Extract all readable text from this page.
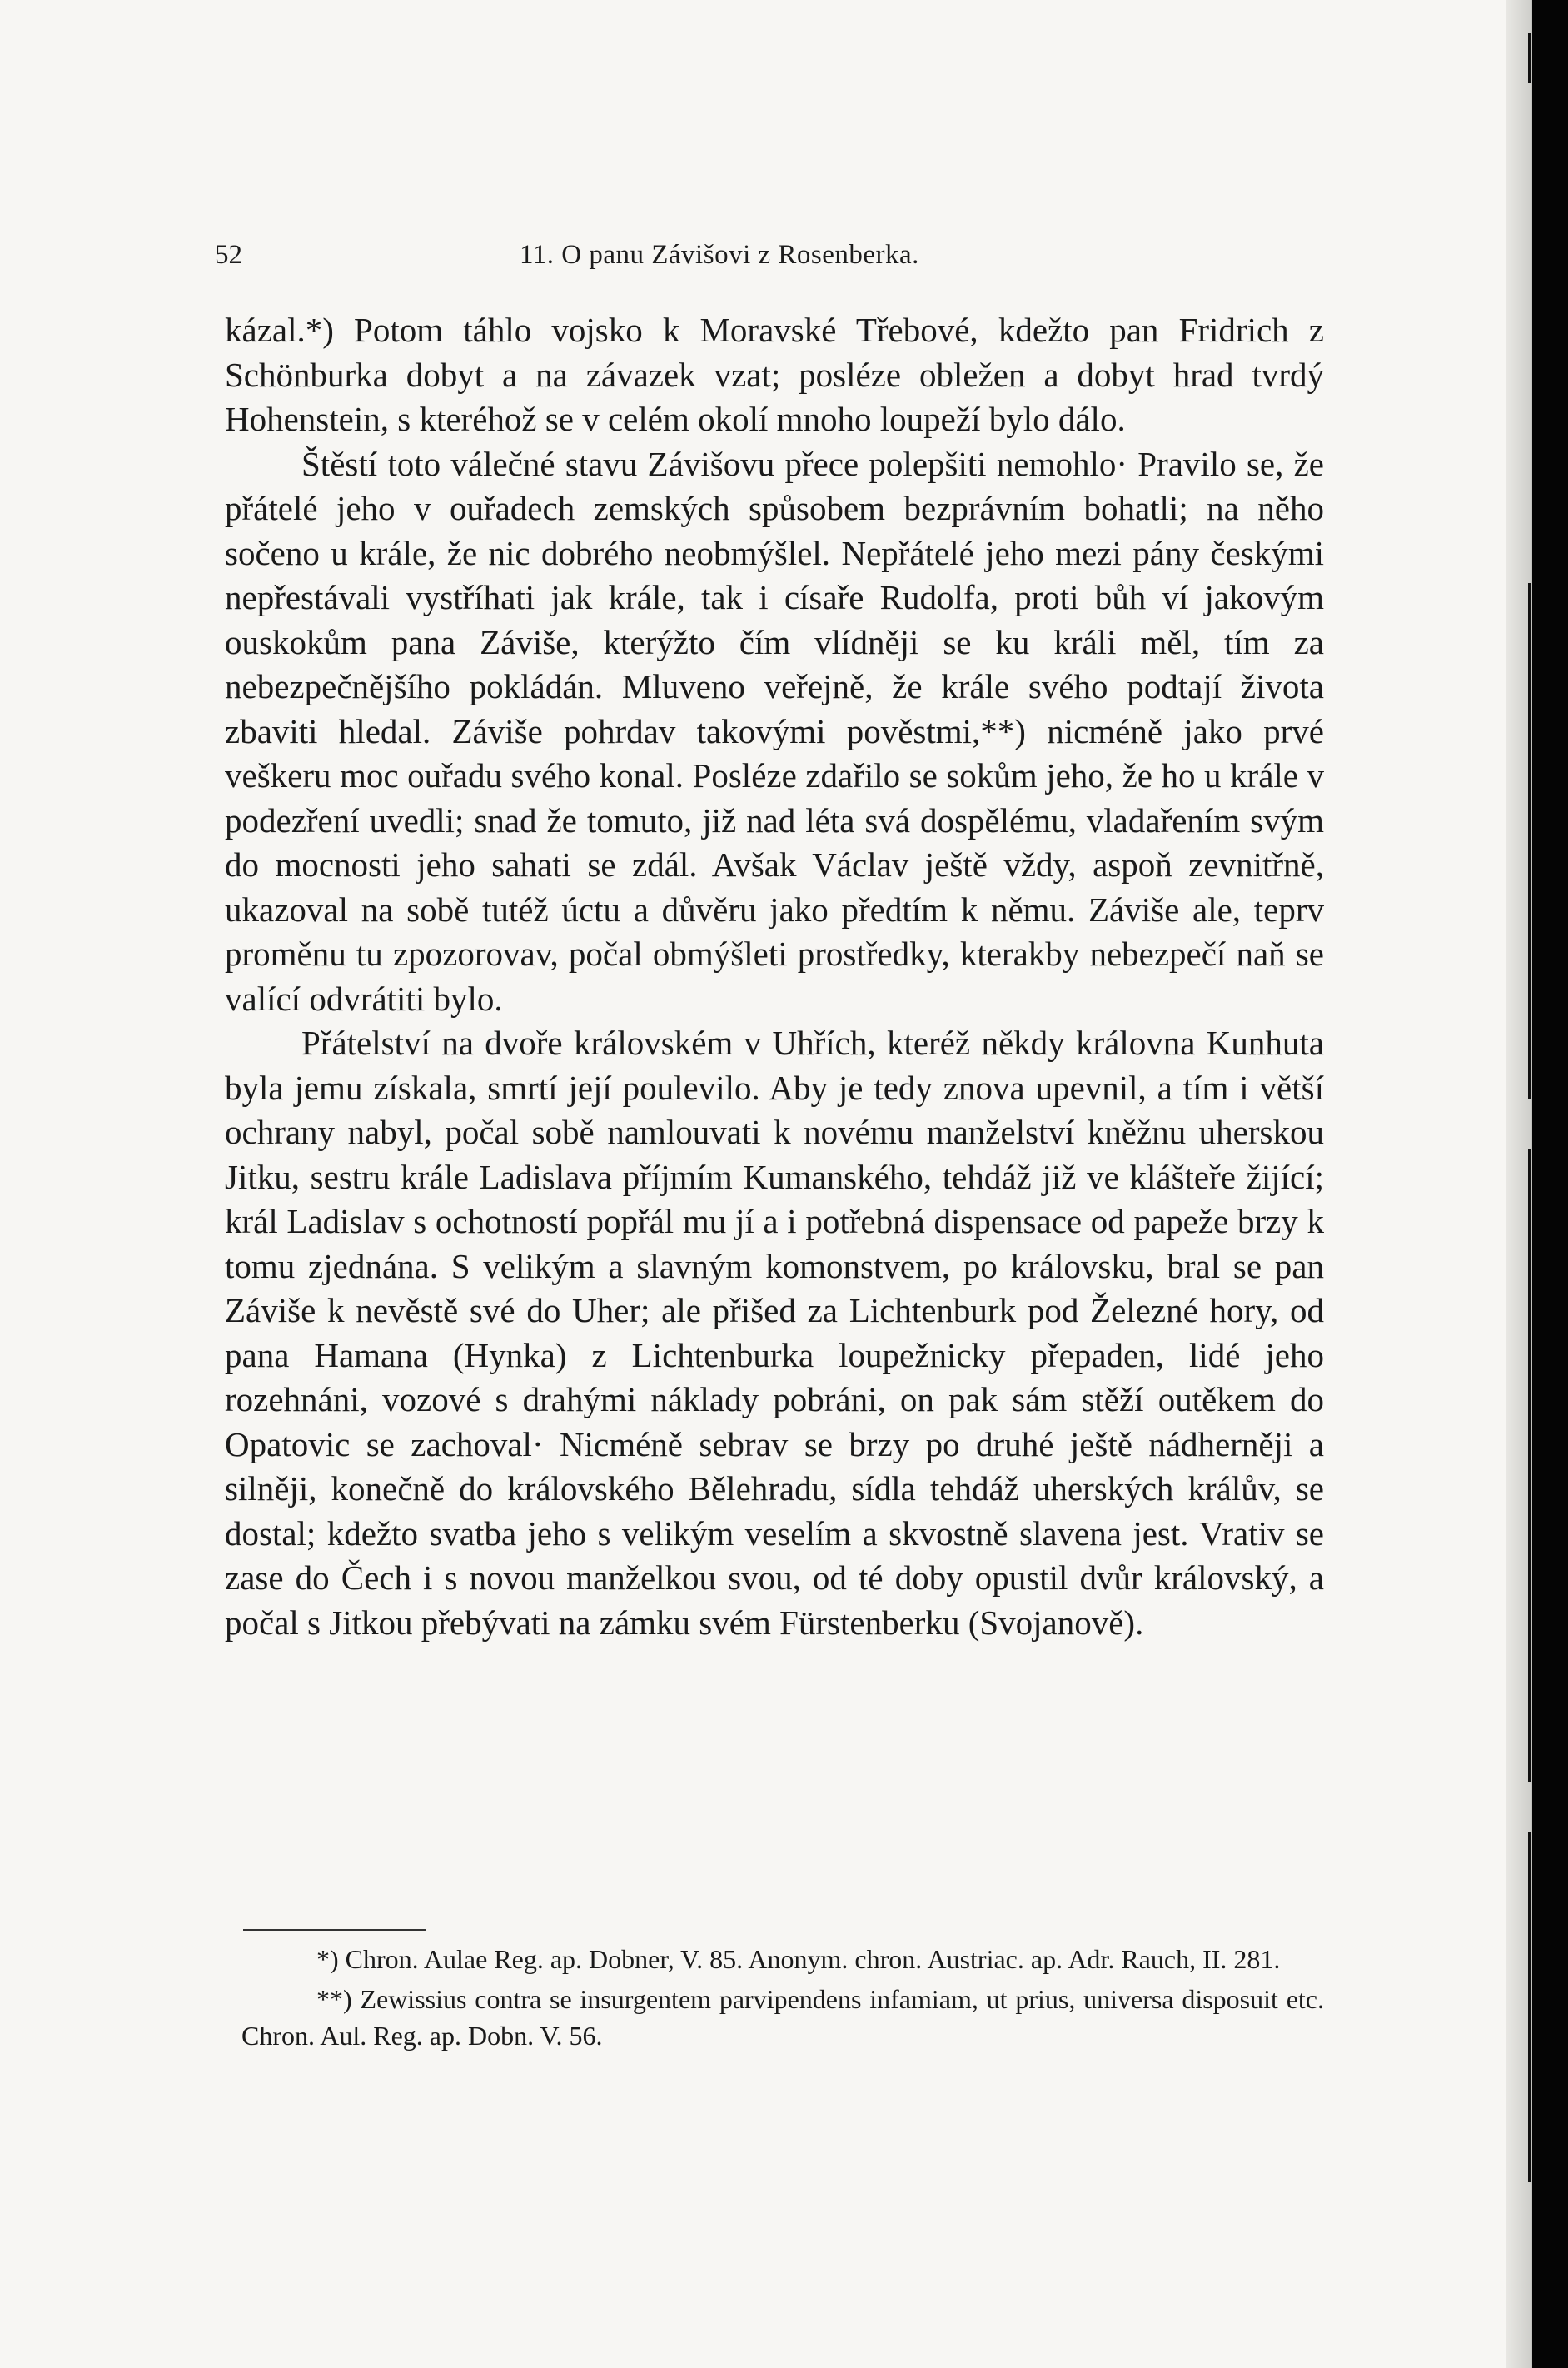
52	11. O panu Závišovi z Rosenberka.

kázal.*) Potom táhlo vojsko k Moravské Třebové, kdežto pan Fridrich z Schönburka dobyt a na závazek vzat; posléze obležen a dobyt hrad tvrdý Hohenstein, s kteréhož se v celém okolí mnoho loupeží bylo dálo.

Štěstí toto válečné stavu Závišovu přece polepšiti nemohlo· Pravilo se, že přátelé jeho v ouřadech zemských spůsobem bezprávním bohatli; na něho sočeno u krále, že nic dobrého neobmýšlel. Nepřátelé jeho mezi pány českými nepřestávali vystříhati jak krále, tak i císaře Rudolfa, proti bůh ví jakovým ouskokům pana Záviše, kterýžto čím vlídněji se ku králi měl, tím za nebezpečnějšího pokládán. Mluveno veřejně, že krále svého podtají života zbaviti hledal. Záviše pohrdav takovými pověstmi,**) nicméně jako prvé veškeru moc ouřadu svého konal. Posléze zdařilo se sokům jeho, že ho u krále v podezření uvedli; snad že tomuto, již nad léta svá dospělému, vladařením svým do mocnosti jeho sahati se zdál. Avšak Václav ještě vždy, aspoň zevnitřně, ukazoval na sobě tutéž úctu a důvěru jako předtím k němu. Záviše ale, teprv proměnu tu zpozorovav, počal obmýšleti prostředky, kterakby nebezpečí naň se valící odvrátiti bylo.

Přátelství na dvoře královském v Uhřích, kteréž někdy královna Kunhuta byla jemu získala, smrtí její poulevilo. Aby je tedy znova upevnil, a tím i větší ochrany nabyl, počal sobě namlouvati k novému manželství kněžnu uherskou Jitku, sestru krále Ladislava příjmím Kumanského, tehdáž již ve klášteře žijící; král Ladislav s ochotností popřál mu jí a i potřebná dispensace od papeže brzy k tomu zjednána. S velikým a slavným komonstvem, po královsku, bral se pan Záviše k nevěstě své do Uher; ale přišed za Lichtenburk pod Železné hory, od pana Hamana (Hynka) z Lichtenburka loupežnicky přepaden, lidé jeho rozehnáni, vozové s drahými náklady pobráni, on pak sám stěží outěkem do Opatovic se zachoval· Nicméně sebrav se brzy po druhé ještě nádherněji a silněji, konečně do královského Bělehradu, sídla tehdáž uherských králův, se dostal; kdežto svatba jeho s velikým veselím a skvostně slavena jest. Vrativ se zase do Čech i s novou manželkou svou, od té doby opustil dvůr královský, a počal s Jitkou přebývati na zámku svém Fürstenberku (Svojanově).

*) Chron. Aulae Reg. ap. Dobner, V. 85. Anonym. chron. Austriac. ap. Adr. Rauch, II. 281.

**) Zewissius contra se insurgentem parvipendens infamiam, ut prius, universa disposuit etc. Chron. Aul. Reg. ap. Dobn. V. 56.
